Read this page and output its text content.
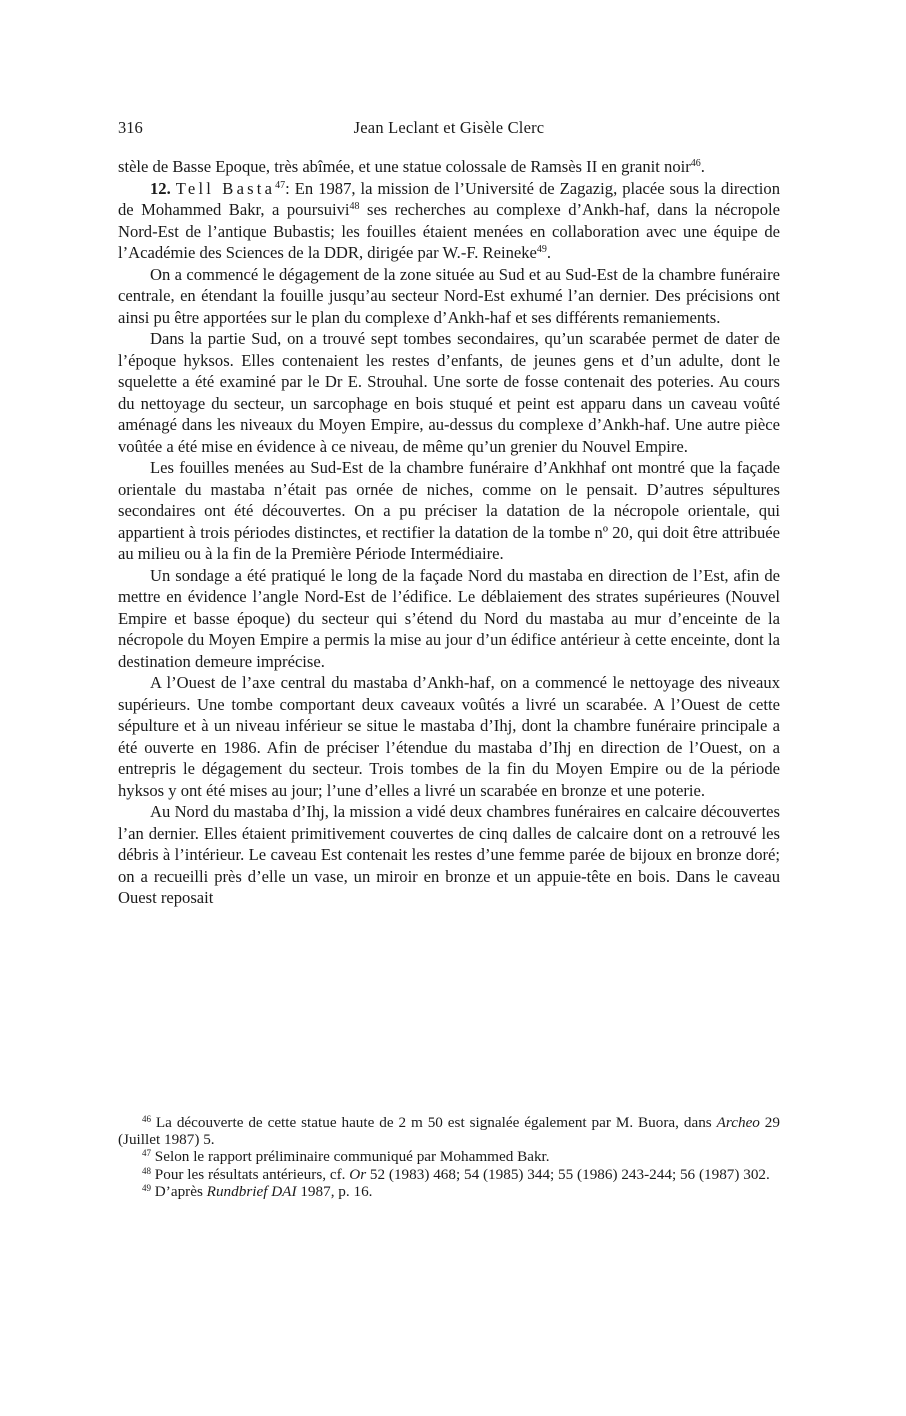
316	Jean Leclant et Gisèle Clerc

stèle de Basse Epoque, très abîmée, et une statue colossale de Ramsès II en granit noir$^{46}$.

12. Tell Basta$^{47}$: En 1987, la mission de l’Université de Zagazig, placée sous la direction de Mohammed Bakr, a poursuivi$^{48}$ ses recherches au complexe d’Ankh-haf, dans la nécropole Nord-Est de l’antique Bubastis; les fouilles étaient menées en collaboration avec une équipe de l’Académie des Sciences de la DDR, dirigée par W.-F. Reineke$^{49}$.

On a commencé le dégagement de la zone située au Sud et au Sud-Est de la chambre funéraire centrale, en étendant la fouille jusqu’au secteur Nord-Est exhumé l’an dernier. Des précisions ont ainsi pu être apportées sur le plan du complexe d’Ankh-haf et ses différents remaniements.

Dans la partie Sud, on a trouvé sept tombes secondaires, qu’un scarabée permet de dater de l’époque hyksos. Elles contenaient les restes d’enfants, de jeunes gens et d’un adulte, dont le squelette a été examiné par le Dr E. Strouhal. Une sorte de fosse contenait des poteries. Au cours du nettoyage du secteur, un sarcophage en bois stuqué et peint est apparu dans un caveau voûté aménagé dans les niveaux du Moyen Empire, au-dessus du complexe d’Ankh-haf. Une autre pièce voûtée a été mise en évidence à ce niveau, de même qu’un grenier du Nouvel Empire.

Les fouilles menées au Sud-Est de la chambre funéraire d’Ankhhaf ont montré que la façade orientale du mastaba n’était pas ornée de niches, comme on le pensait. D’autres sépultures secondaires ont été découvertes. On a pu préciser la datation de la nécropole orientale, qui appartient à trois périodes distinctes, et rectifier la datation de la tombe nº 20, qui doit être attribuée au milieu ou à la fin de la Première Période Intermédiaire.

Un sondage a été pratiqué le long de la façade Nord du mastaba en direction de l’Est, afin de mettre en évidence l’angle Nord-Est de l’édifice. Le déblaiement des strates supérieures (Nouvel Empire et basse époque) du secteur qui s’étend du Nord du mastaba au mur d’enceinte de la nécropole du Moyen Empire a permis la mise au jour d’un édifice antérieur à cette enceinte, dont la destination demeure imprécise.

A l’Ouest de l’axe central du mastaba d’Ankh-haf, on a commencé le nettoyage des niveaux supérieurs. Une tombe comportant deux caveaux voûtés a livré un scarabée. A l’Ouest de cette sépulture et à un niveau inférieur se situe le mastaba d’Ihj, dont la chambre funéraire principale a été ouverte en 1986. Afin de préciser l’étendue du mastaba d’Ihj en direction de l’Ouest, on a entrepris le dégagement du secteur. Trois tombes de la fin du Moyen Empire ou de la période hyksos y ont été mises au jour; l’une d’elles a livré un scarabée en bronze et une poterie.

Au Nord du mastaba d’Ihj, la mission a vidé deux chambres funéraires en calcaire découvertes l’an dernier. Elles étaient primitivement couvertes de cinq dalles de calcaire dont on a retrouvé les débris à l’intérieur. Le caveau Est contenait les restes d’une femme parée de bijoux en bronze doré; on a recueilli près d’elle un vase, un miroir en bronze et un appuie-tête en bois. Dans le caveau Ouest reposait

$^{46}$ La découverte de cette statue haute de 2 m 50 est signalée également par M. Buora, dans Archeo 29 (Juillet 1987) 5.

$^{47}$ Selon le rapport préliminaire communiqué par Mohammed Bakr.

$^{48}$ Pour les résultats antérieurs, cf. Or 52 (1983) 468; 54 (1985) 344; 55 (1986) 243-244; 56 (1987) 302.

$^{49}$ D’après Rundbrief DAI 1987, p. 16.
